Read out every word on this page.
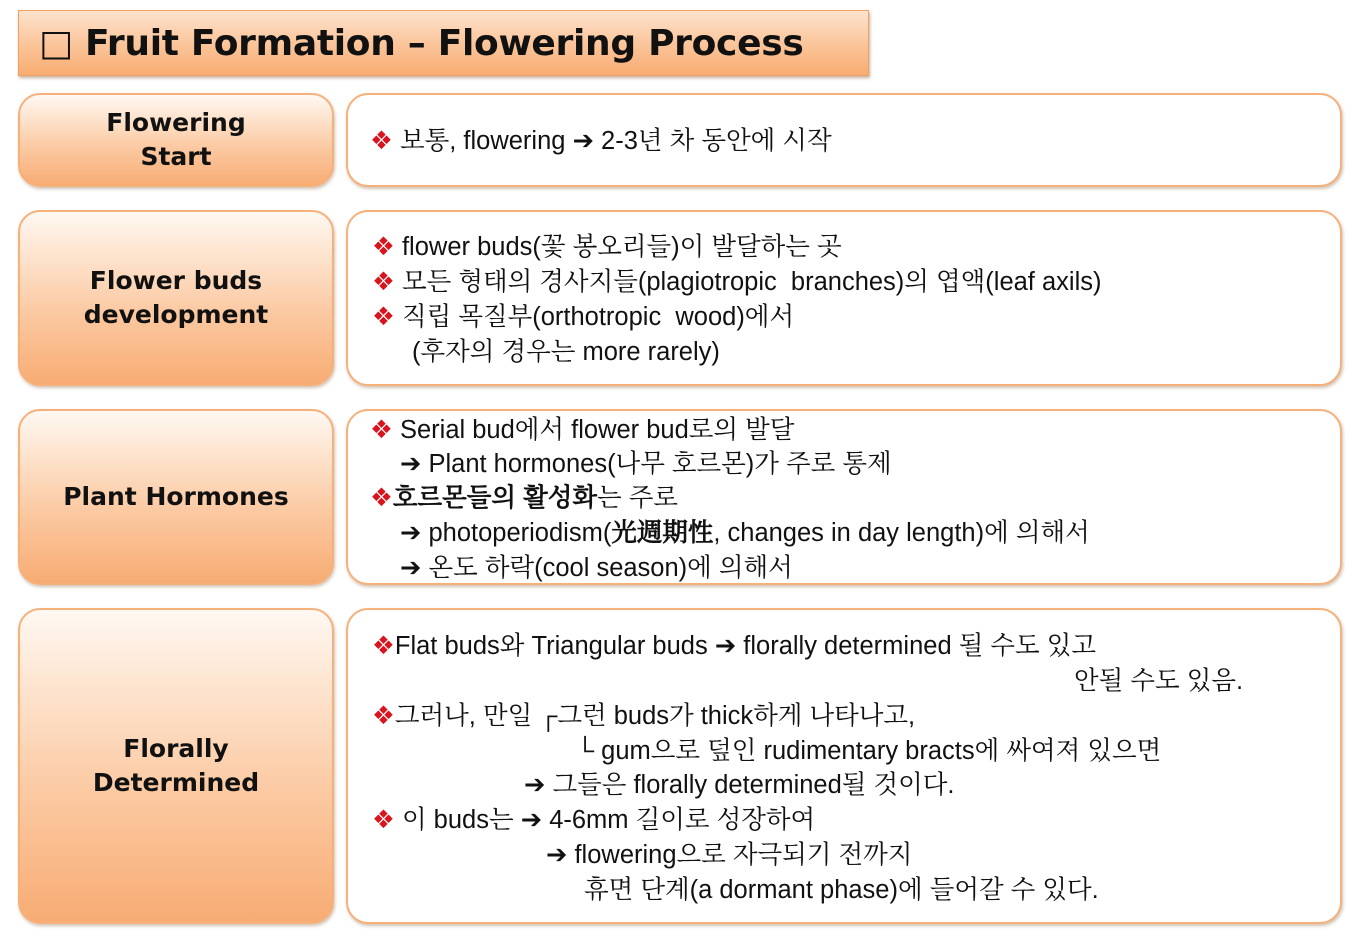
□ Fruit Formation – Flowering Process
Flowering
Start
❖ 보통, flowering ➔ 2-3년 차 동안에 시작
Flower buds
development
❖ flower buds(꽃 봉오리들)이 발달하는 곳
❖ 모든 형태의 경사지들(plagiotropic  branches)의 엽액(leaf axils)
❖ 직립 목질부(orthotropic  wood)에서
(후자의 경우는 more rarely)
Plant Hormones
❖ Serial bud에서 flower bud로의 발달
➔ Plant hormones(나무 호르몬)가 주로 통제
❖호르몬들의 활성화는 주로
➔ photoperiodism(光週期性, changes in day length)에 의해서
➔ 온도 하락(cool season)에 의해서
Florally
Determined
❖Flat buds와 Triangular buds ➔ florally determined 될 수도 있고
안될 수도 있음.
❖그러나, 만일 ┌그런 buds가 thick하게 나타나고,
└ gum으로 덮인 rudimentary bracts에 싸여져 있으면
➔ 그들은 florally determined될 것이다.
❖ 이 buds는 ➔ 4-6mm 길이로 성장하여
➔ flowering으로 자극되기 전까지
휴면 단계(a dormant phase)에 들어갈 수 있다.
